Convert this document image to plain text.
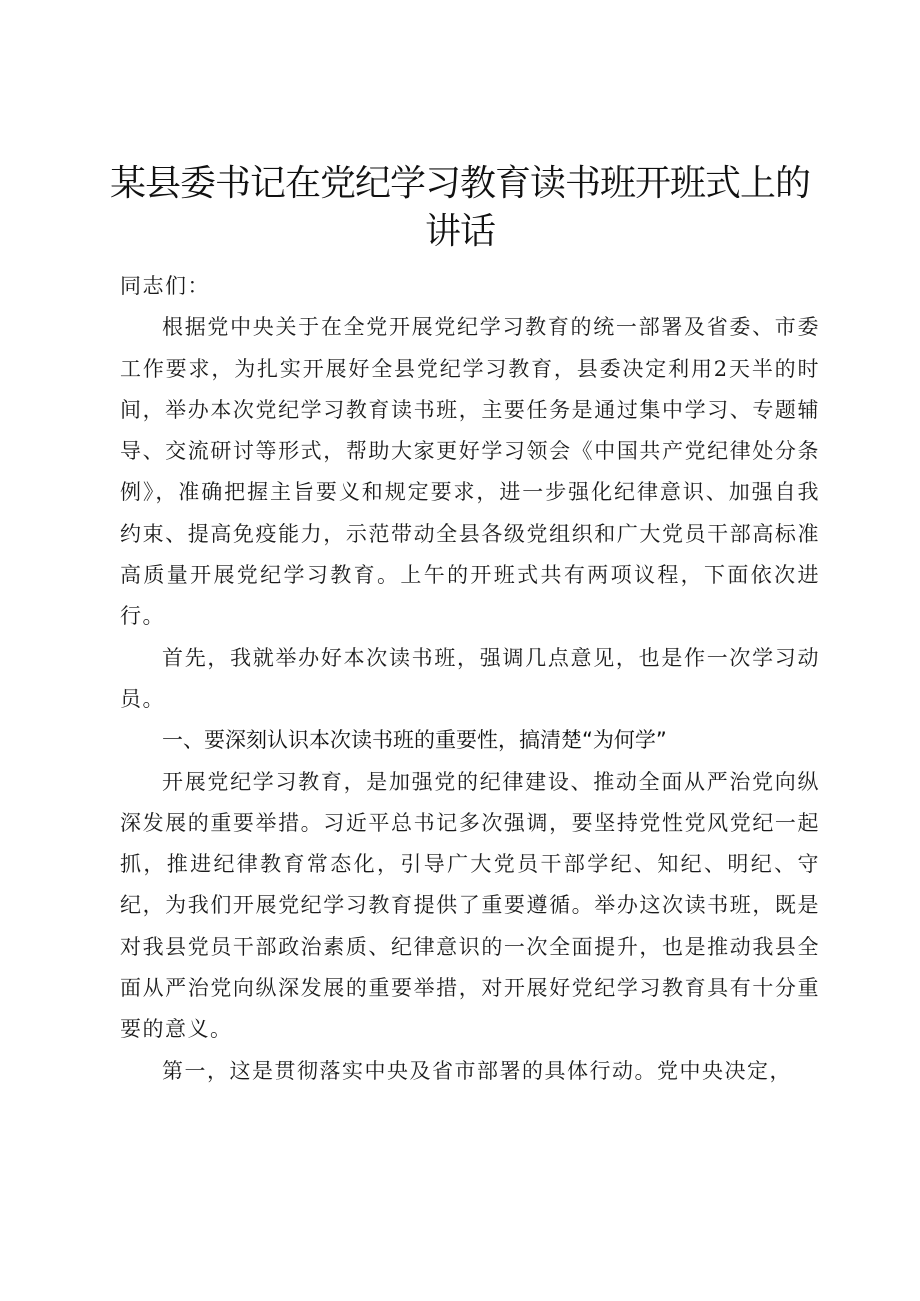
某县委书记在党纪学习教育读书班开班式上的讲话

同志们：

根据党中央关于在全党开展党纪学习教育的统一部署及省委、市委工作要求，为扎实开展好全县党纪学习教育，县委决定利用2天半的时间，举办本次党纪学习教育读书班，主要任务是通过集中学习、专题辅导、交流研讨等形式，帮助大家更好学习领会《中国共产党纪律处分条例》，准确把握主旨要义和规定要求，进一步强化纪律意识、加强自我约束、提高免疫能力，示范带动全县各级党组织和广大党员干部高标准高质量开展党纪学习教育。上午的开班式共有两项议程，下面依次进行。

首先，我就举办好本次读书班，强调几点意见，也是作一次学习动员。

一、要深刻认识本次读书班的重要性，搞清楚“为何学”

开展党纪学习教育，是加强党的纪律建设、推动全面从严治党向纵深发展的重要举措。习近平总书记多次强调，要坚持党性党风党纪一起抓，推进纪律教育常态化，引导广大党员干部学纪、知纪、明纪、守纪，为我们开展党纪学习教育提供了重要遵循。举办这次读书班，既是对我县党员干部政治素质、纪律意识的一次全面提升，也是推动我县全面从严治党向纵深发展的重要举措，对开展好党纪学习教育具有十分重要的意义。

第一，这是贯彻落实中央及省市部署的具体行动。党中央决定，
